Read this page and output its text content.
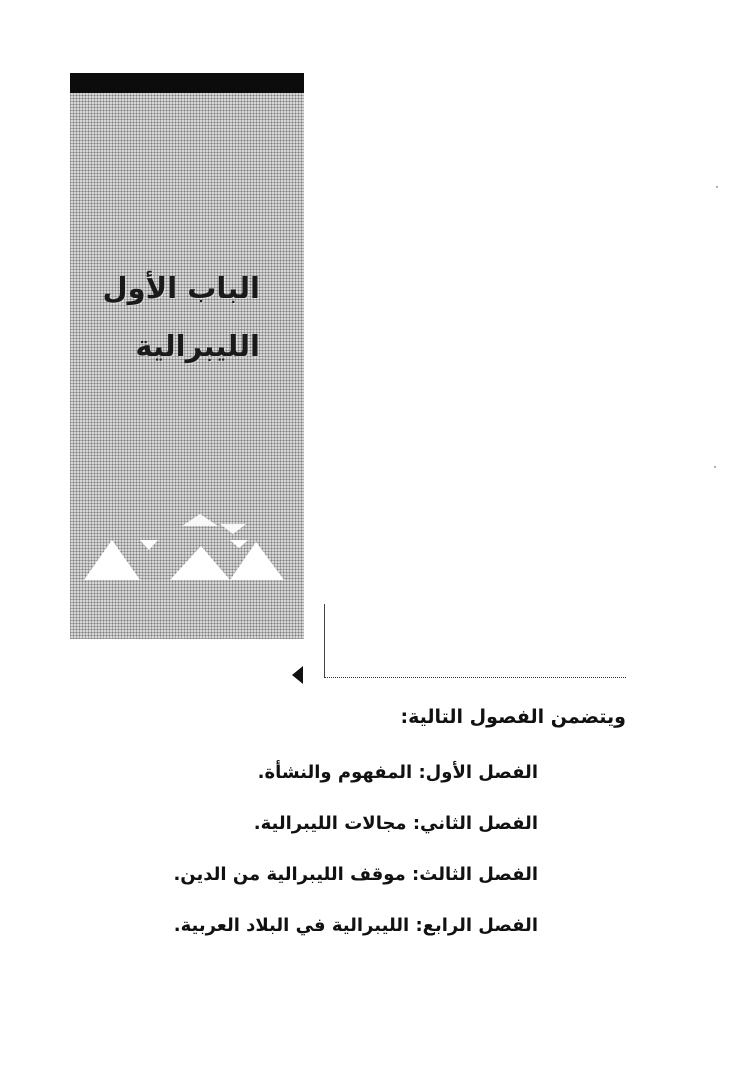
الباب الأول
الليبرالية
ويتضمن الفصول التالية:
الفصل الأول: المفهوم والنشأة.
الفصل الثاني: مجالات الليبرالية.
الفصل الثالث: موقف الليبرالية من الدين.
الفصل الرابع: الليبرالية في البلاد العربية.
